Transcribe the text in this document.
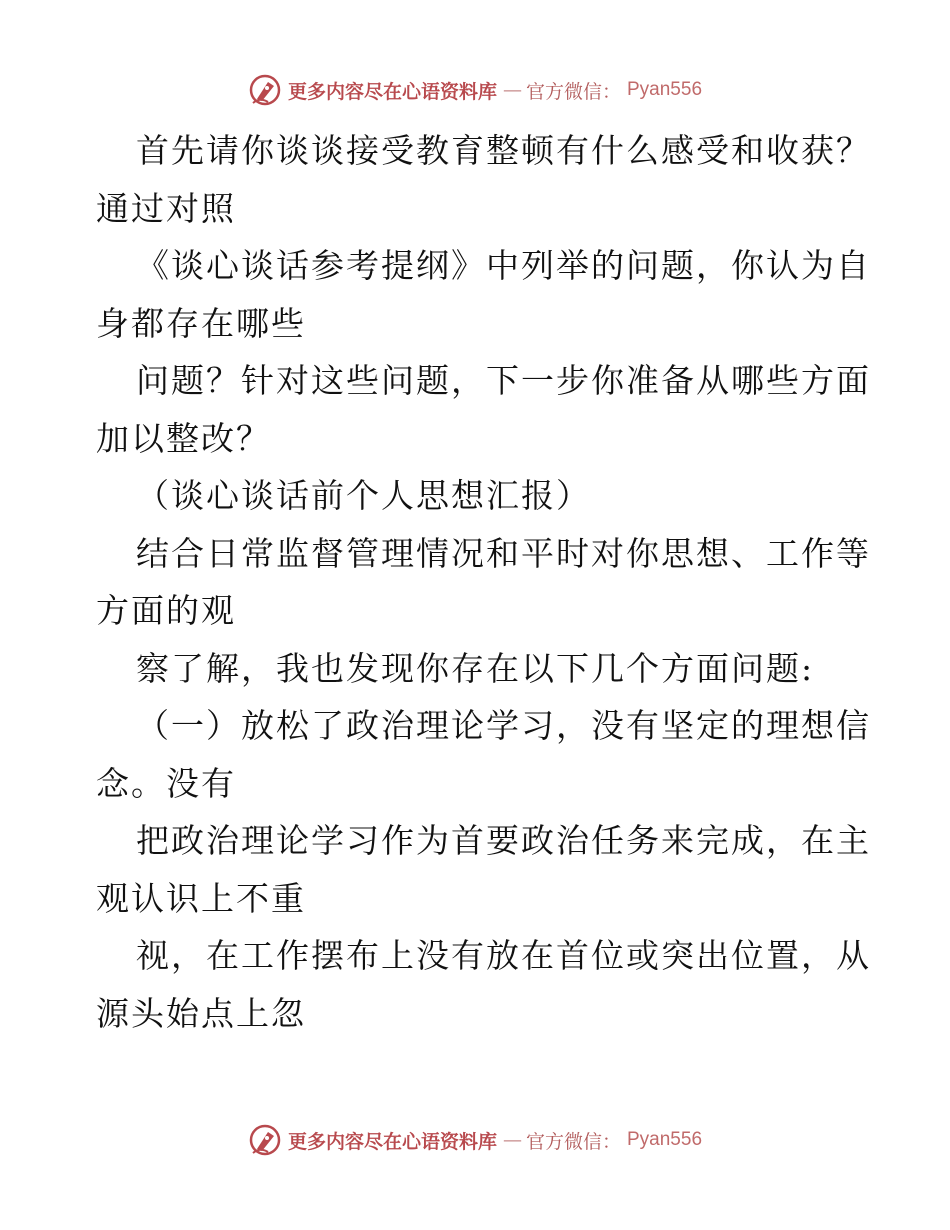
更多内容尽在心语资料库 — 官方微信： Pyan556
首先请你谈谈接受教育整顿有什么感受和收获？
通过对照
《谈心谈话参考提纲》中列举的问题，你认为自
身都存在哪些
问题？针对这些问题，下一步你准备从哪些方面
加以整改？
（谈心谈话前个人思想汇报）
结合日常监督管理情况和平时对你思想、工作等
方面的观
察了解，我也发现你存在以下几个方面问题:
（一）放松了政治理论学习，没有坚定的理想信
念。没有
把政治理论学习作为首要政治任务来完成，在主
观认识上不重
视，在工作摆布上没有放在首位或突出位置，从
源头始点上忽
更多内容尽在心语资料库 — 官方微信： Pyan556
